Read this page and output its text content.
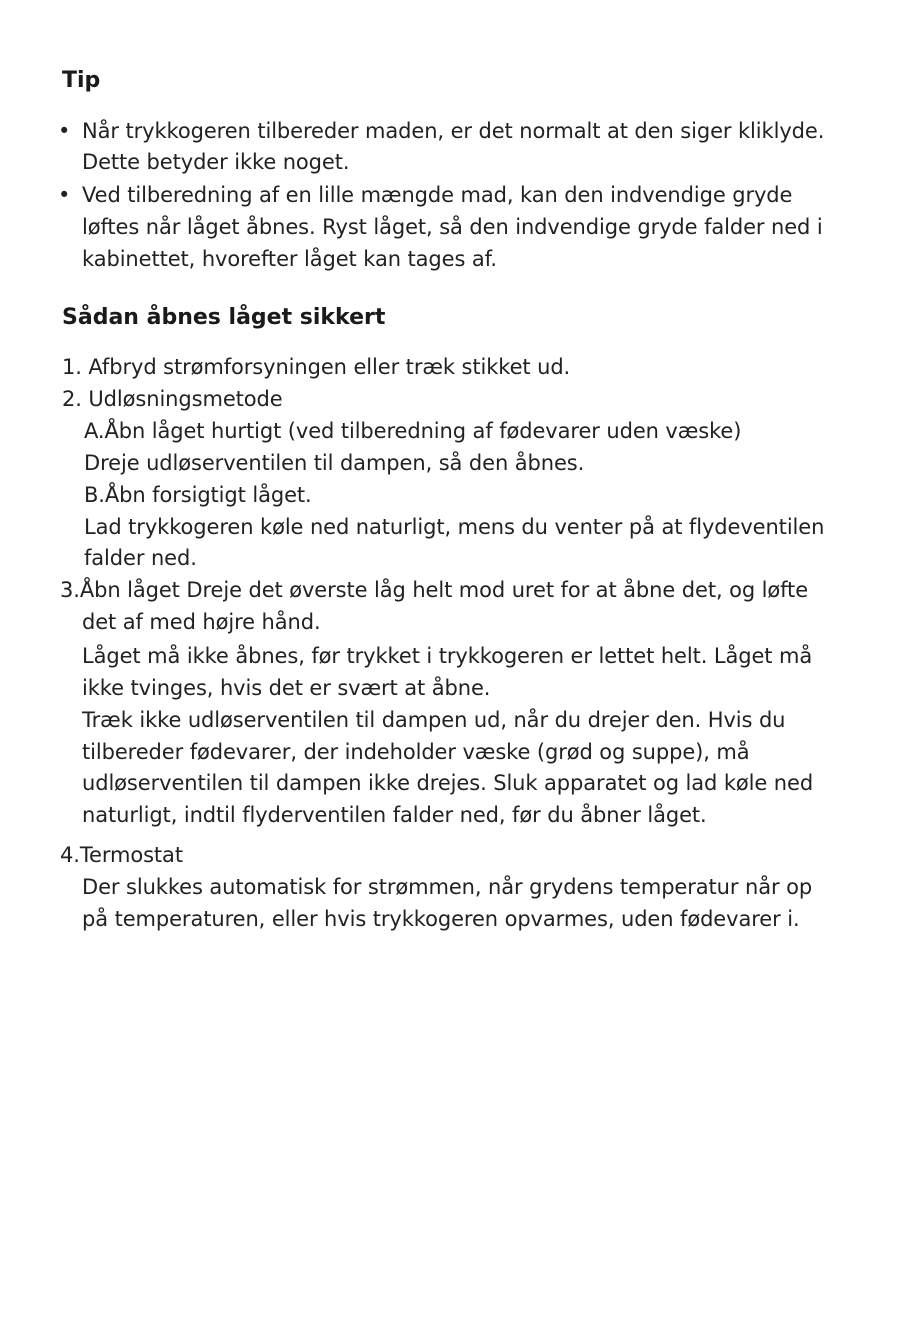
Tip
• Når trykkogeren tilbereder maden, er det normalt at den siger kliklyde.

Dette betyder ikke noget.

• Ved tilberedning af en lille mængde mad, kan den indvendige gryde

løftes når låget åbnes. Ryst låget, så den indvendige gryde falder ned i

kabinettet, hvorefter låget kan tages af.

Sådan åbnes låget sikkert

1. Afbryd strømforsyningen eller træk stikket ud.

2. Udløsningsmetode

A.Åbn låget hurtigt (ved tilberedning af fødevarer uden væske)

Dreje udløserventilen til dampen, så den åbnes.

B.Åbn forsigtigt låget.

Lad trykkogeren køle ned naturligt, mens du venter på at flydeventilen

falder ned.

3.Åbn låget Dreje det øverste låg helt mod uret for at åbne det, og løfte

det af med højre hånd.

Låget må ikke åbnes, før trykket i trykkogeren er lettet helt. Låget må

ikke tvinges, hvis det er svært at åbne.

Træk ikke udløserventilen til dampen ud, når du drejer den. Hvis du

tilbereder fødevarer, der indeholder væske (grød og suppe), må

udløserventilen til dampen ikke drejes. Sluk apparatet og lad køle ned

naturligt, indtil flyderventilen falder ned, før du åbner låget.

4.Termostat

Der slukkes automatisk for strømmen, når grydens temperatur når op

på temperaturen, eller hvis trykkogeren opvarmes, uden fødevarer i.
